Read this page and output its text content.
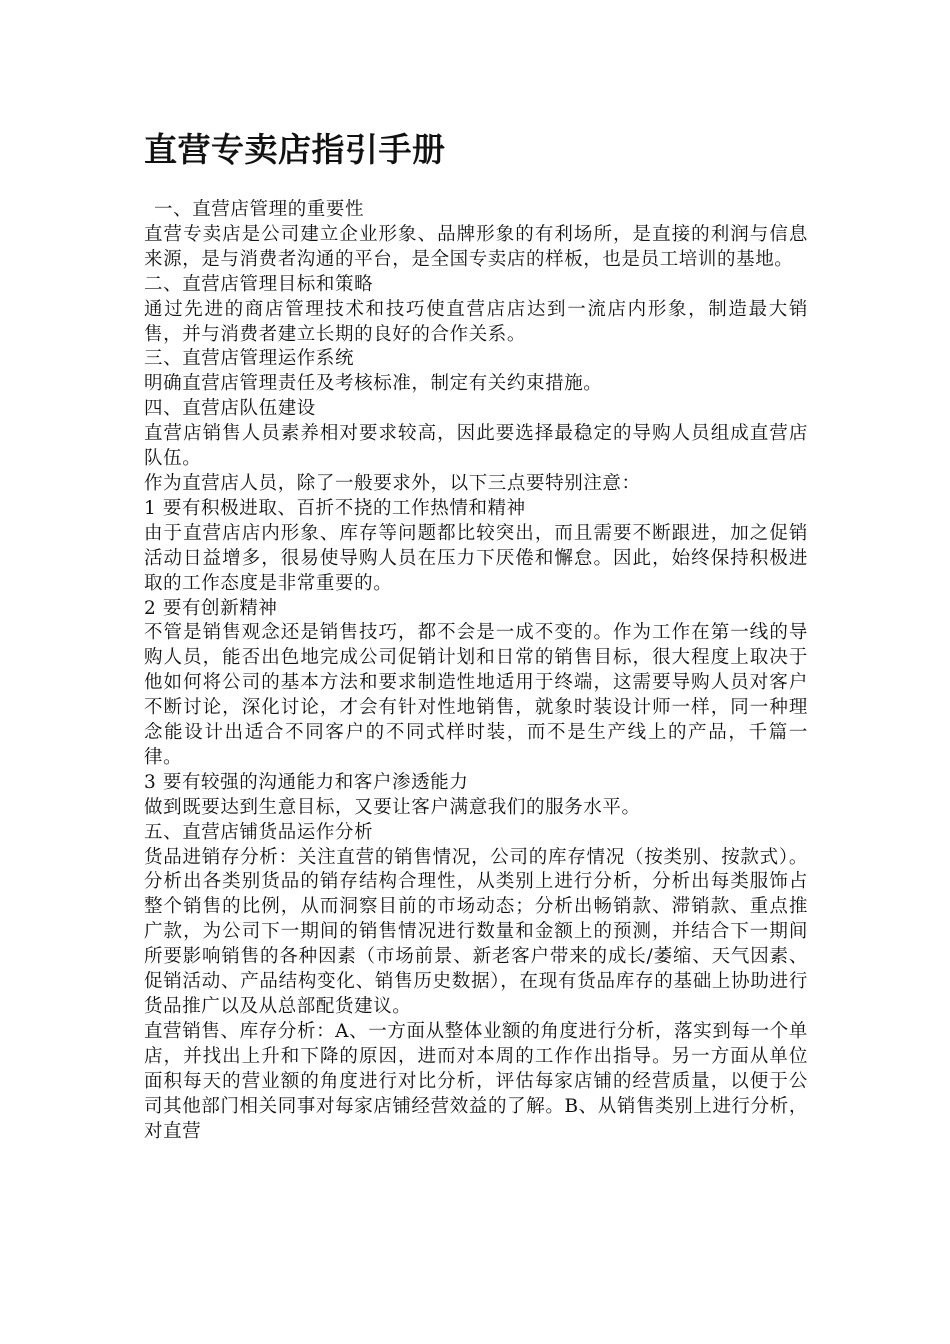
直营专卖店指引手册

一、直营店管理的重要性

直营专卖店是公司建立企业形象、品牌形象的有利场所，是直接的利润与信息来源，是与消费者沟通的平台，是全国专卖店的样板，也是员工培训的基地。

二、直营店管理目标和策略

通过先进的商店管理技术和技巧使直营店店达到一流店内形象，制造最大销售，并与消费者建立长期的良好的合作关系。

三、直营店管理运作系统

明确直营店管理责任及考核标准，制定有关约束措施。

四、直营店队伍建设

直营店销售人员素养相对要求较高，因此要选择最稳定的导购人员组成直营店队伍。

作为直营店人员，除了一般要求外，以下三点要特别注意：

1 要有积极进取、百折不挠的工作热情和精神

由于直营店店内形象、库存等问题都比较突出，而且需要不断跟进，加之促销活动日益增多，很易使导购人员在压力下厌倦和懈怠。因此，始终保持积极进取的工作态度是非常重要的。

2 要有创新精神

不管是销售观念还是销售技巧，都不会是一成不变的。作为工作在第一线的导购人员，能否出色地完成公司促销计划和日常的销售目标，很大程度上取决于他如何将公司的基本方法和要求制造性地适用于终端，这需要导购人员对客户不断讨论，深化讨论，才会有针对性地销售，就象时装设计师一样，同一种理念能设计出适合不同客户的不同式样时装，而不是生产线上的产品，千篇一律。

3 要有较强的沟通能力和客户渗透能力

做到既要达到生意目标，又要让客户满意我们的服务水平。

五、直营店铺货品运作分析

货品进销存分析：关注直营的销售情况，公司的库存情况（按类别、按款式）。分析出各类别货品的销存结构合理性，从类别上进行分析，分析出每类服饰占整个销售的比例，从而洞察目前的市场动态；分析出畅销款、滞销款、重点推广款，为公司下一期间的销售情况进行数量和金额上的预测，并结合下一期间所要影响销售的各种因素（市场前景、新老客户带来的成长/萎缩、天气因素、促销活动、产品结构变化、销售历史数据），在现有货品库存的基础上协助进行货品推广以及从总部配货建议。

直营销售、库存分析：A、一方面从整体业额的角度进行分析，落实到每一个单店，并找出上升和下降的原因，进而对本周的工作作出指导。另一方面从单位面积每天的营业额的角度进行对比分析，评估每家店铺的经营质量，以便于公司其他部门相关同事对每家店铺经营效益的了解。B、从销售类别上进行分析，对直营
